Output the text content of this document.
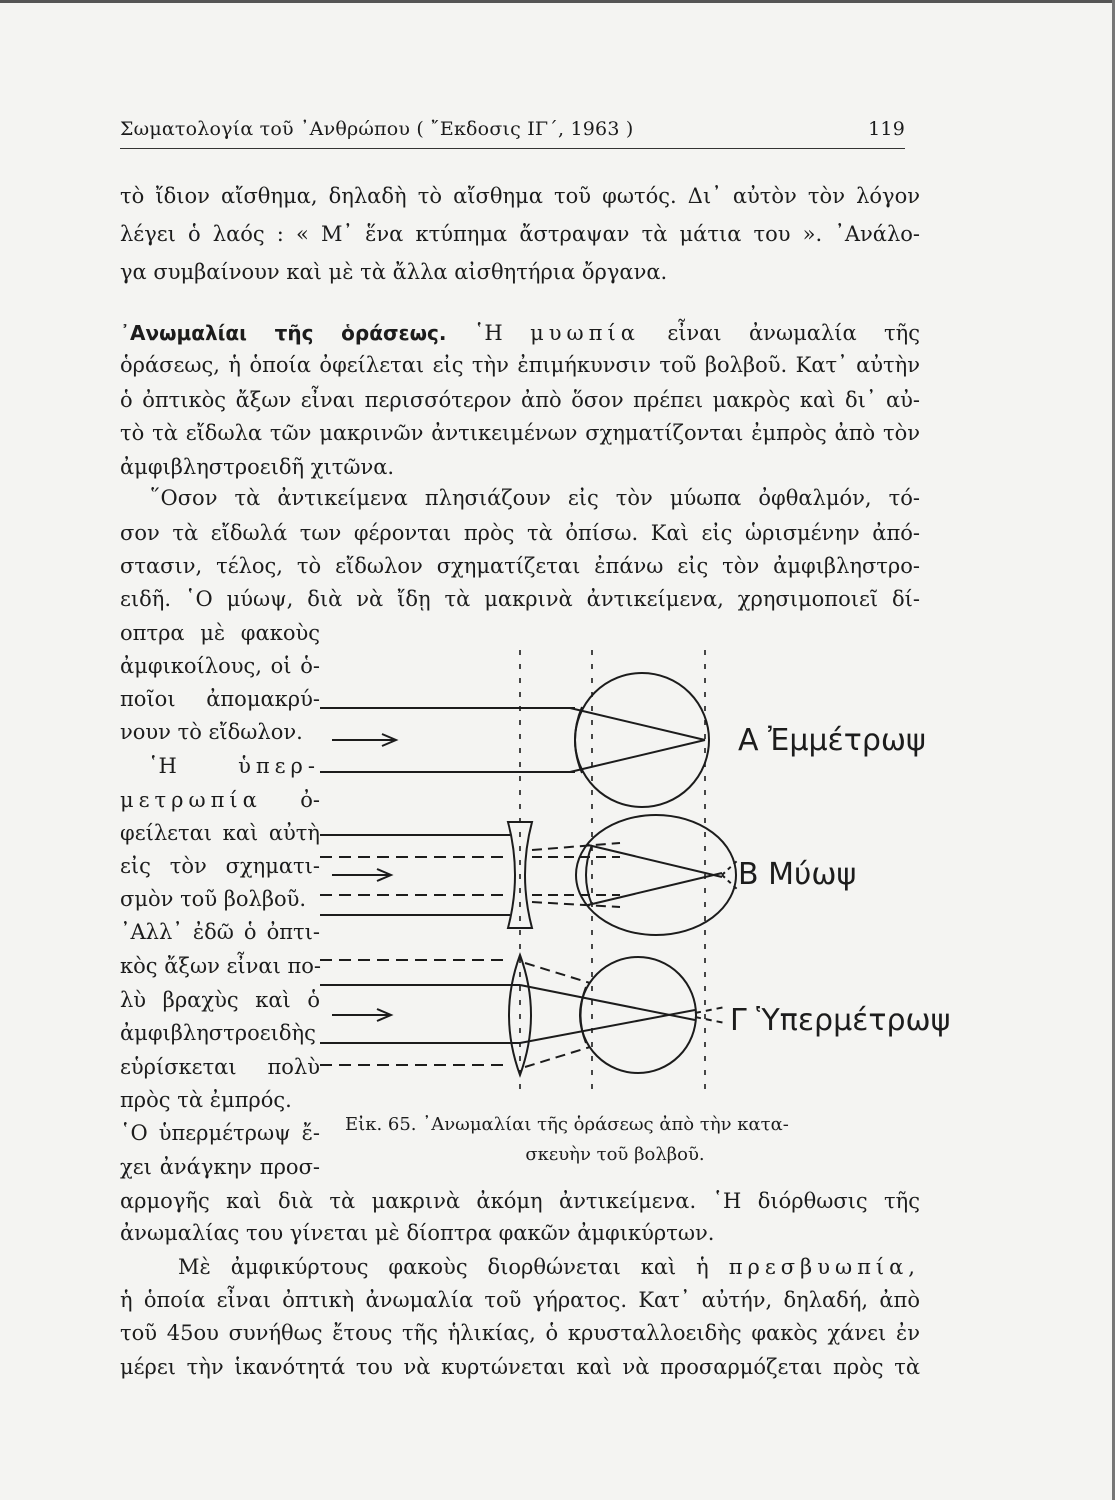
Σωματολογία τοῦ ᾿Ανθρώπου ( ῎Εκδοσις ΙΓ΄, 1963 )	119
τὸ ἴδιον αἴσθημα, δηλαδὴ τὸ αἴσθημα τοῦ φωτός. Δι᾿ αὐτὸν τὸν λόγον
λέγει ὁ λαός : « Μ᾿ ἕνα κτύπημα ἄστραψαν τὰ μάτια του ». ᾿Ανάλο-
γα συμβαίνουν καὶ μὲ τὰ ἄλλα αἰσθητήρια ὄργανα.
᾿Ανωμαλίαι τῆς ὁράσεως. ῾Η μυωπία εἶναι ἀνωμαλία τῆς
ὁράσεως, ἡ ὁποία ὀφείλεται εἰς τὴν ἐπιμήκυνσιν τοῦ βολβοῦ. Κατ᾿ αὐτὴν
ὁ ὀπτικὸς ἄξων εἶναι περισσότερον ἀπὸ ὅσον πρέπει μακρὸς καὶ δι᾿ αὐ-
τὸ τὰ εἴδωλα τῶν μακρινῶν ἀντικειμένων σχηματίζονται ἐμπρὸς ἀπὸ τὸν
ἀμφιβληστροειδῆ χιτῶνα.
῞Οσον τὰ ἀντικείμενα πλησιάζουν εἰς τὸν μύωπα ὀφθαλμόν, τό-
σον τὰ εἴδωλά των φέρονται πρὸς τὰ ὀπίσω. Καὶ εἰς ὡρισμένην ἀπό-
στασιν, τέλος, τὸ εἴδωλον σχηματίζεται ἐπάνω εἰς τὸν ἀμφιβληστρο-
ειδῆ. ῾Ο μύωψ, διὰ νὰ ἴδῃ τὰ μακρινὰ ἀντικείμενα, χρησιμοποιεῖ δί-
οπτρα μὲ φακοὺς
ἀμφικοίλους, οἱ ὁ-
ποῖοι ἀπομακρύ-
νουν τὸ εἴδωλον.
῾Η	ὑπερ-
μετρωπία ὀ-
φείλεται καὶ αὐτὴ
εἰς τὸν σχηματι-
σμὸν τοῦ βολβοῦ.
᾿Αλλ᾿ ἐδῶ ὁ ὀπτι-
κὸς ἄξων εἶναι πο-
λὺ βραχὺς καὶ ὁ
ἀμφιβληστροειδὴς
εὑρίσκεται πολὺ
πρὸς τὰ ἐμπρός.
῾Ο ὑπερμέτρωψ ἔ-
χει ἀνάγκην προσ-
A Ἐμμέτρωψ
B Μύωψ
Γ Ὑπερμέτρωψ
Εἰκ. 65. ᾿Ανωμαλίαι τῆς ὁράσεως ἀπὸ τὴν κατα-
σκευὴν τοῦ βολβοῦ.
αρμογῆς καὶ διὰ τὰ μακρινὰ ἀκόμη ἀντικείμενα. ῾Η διόρθωσις τῆς
ἀνωμαλίας του γίνεται μὲ δίοπτρα φακῶν ἀμφικύρτων.
Μὲ ἀμφικύρτους φακοὺς διορθώνεται καὶ ἡ πρεσβυωπία,
ἡ ὁποία εἶναι ὀπτικὴ ἀνωμαλία τοῦ γήρατος. Κατ᾿ αὐτήν, δηλαδή, ἀπὸ
τοῦ 45ου συνήθως ἔτους τῆς ἡλικίας, ὁ κρυσταλλοειδὴς φακὸς χάνει ἐν
μέρει τὴν ἱκανότητά του νὰ κυρτώνεται καὶ νὰ προσαρμόζεται πρὸς τὰ
